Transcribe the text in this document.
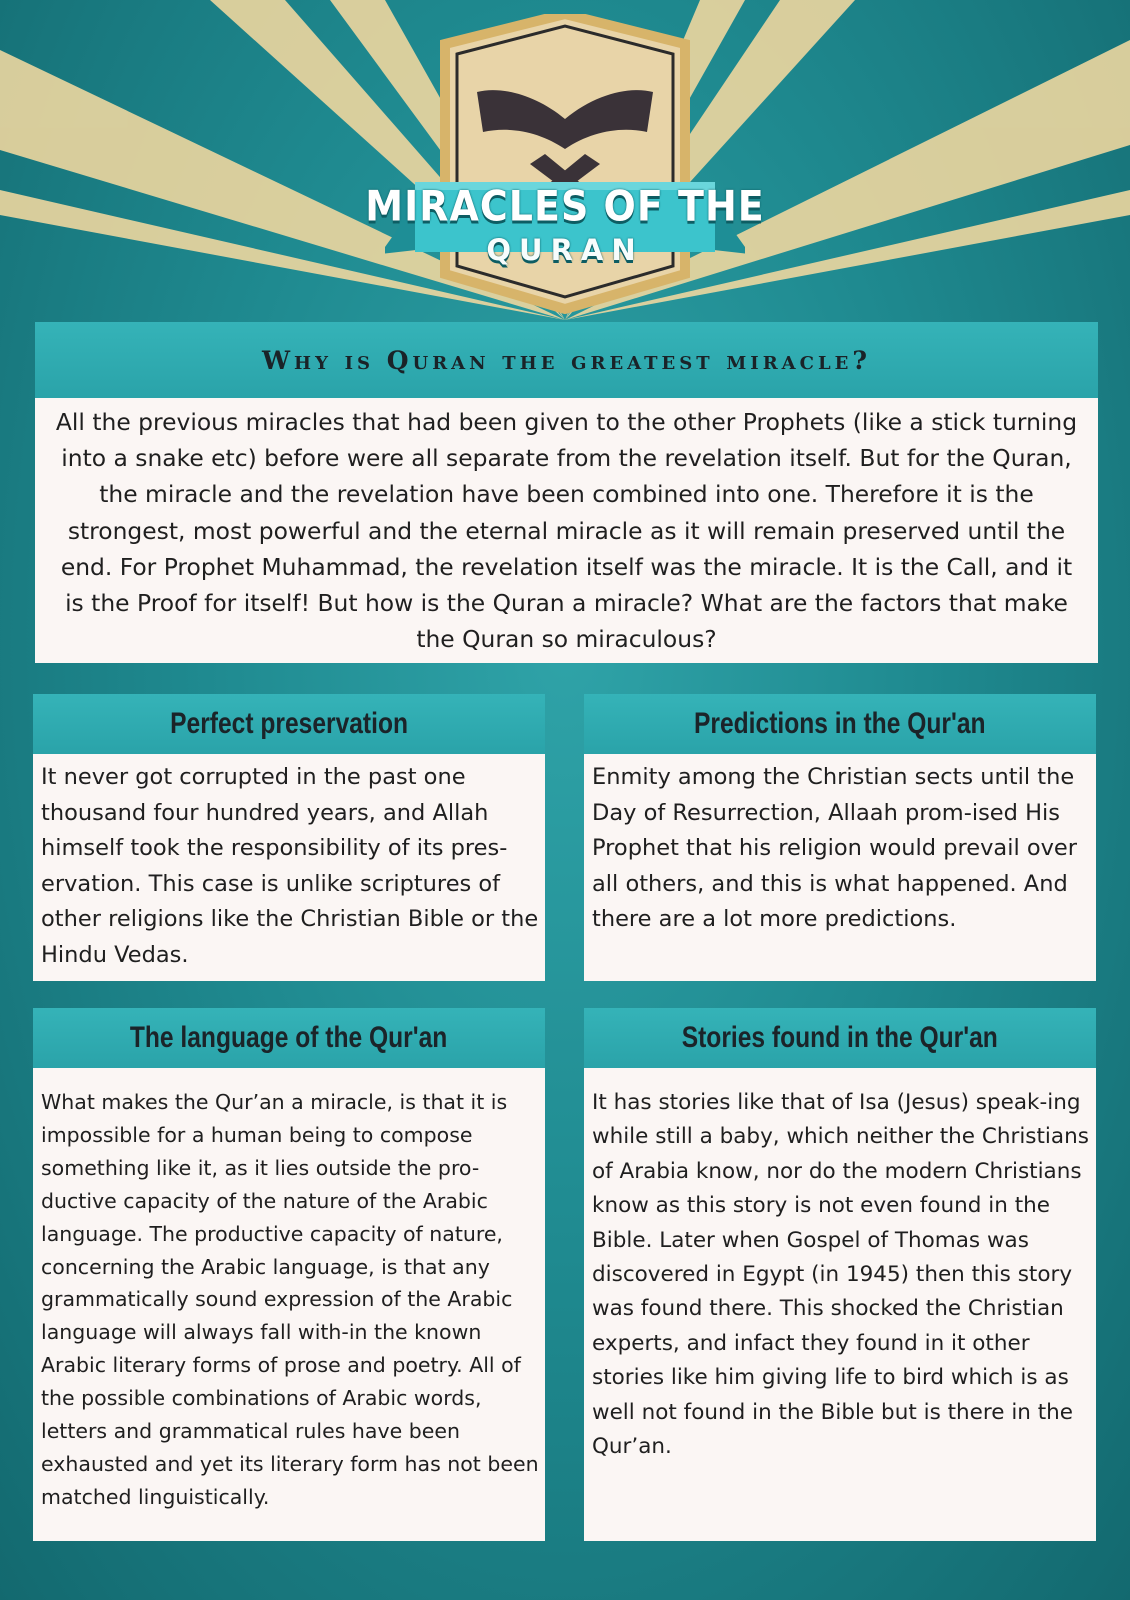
MIRACLES OF THE
QURAN
Why is Quran the greatest miracle?
All the previous miracles that had been given to the other Prophets (like a stick turning into a snake etc) before were all separate from the revelation itself. But for the Quran, the miracle and the revelation have been combined into one. Therefore it is the strongest, most powerful and the eternal miracle as it will remain preserved until the end. For Prophet Muhammad, the revelation itself was the miracle. It is the Call, and it is the Proof for itself! But how is the Quran a miracle? What are the factors that make the Quran so miraculous?
Perfect preservation
It never got corrupted in the past one thousand four hundred years, and Allah himself took the responsibility of its pres-ervation. This case is unlike scriptures of other religions like the Christian Bible or the Hindu Vedas.
Predictions in the Qur'an
Enmity among the Christian sects until the Day of Resurrection, Allaah prom-ised His Prophet that his religion would prevail over all others, and this is what happened. And there are a lot more predictions.
The language of the Qur'an
What makes the Qur’an a miracle, is that it is impossible for a human being to compose something like it, as it lies outside the pro-ductive capacity of the nature of the Arabic language. The productive capacity of nature, concerning the Arabic language, is that any grammatically sound expression of the Arabic language will always fall with-in the known Arabic literary forms of prose and poetry. All of the possible combinations of Arabic words, letters and grammatical rules have been exhausted and yet its literary form has not been matched linguistically.
Stories found in the Qur'an
It has stories like that of Isa (Jesus) speak-ing while still a baby, which neither the Christians of Arabia know, nor do the modern Christians know as this story is not even found in the Bible. Later when Gospel of Thomas was discovered in Egypt (in 1945) then this story was found there. This shocked the Christian experts, and infact they found in it other stories like him giving life to bird which is as well not found in the Bible but is there in the Qur’an.
